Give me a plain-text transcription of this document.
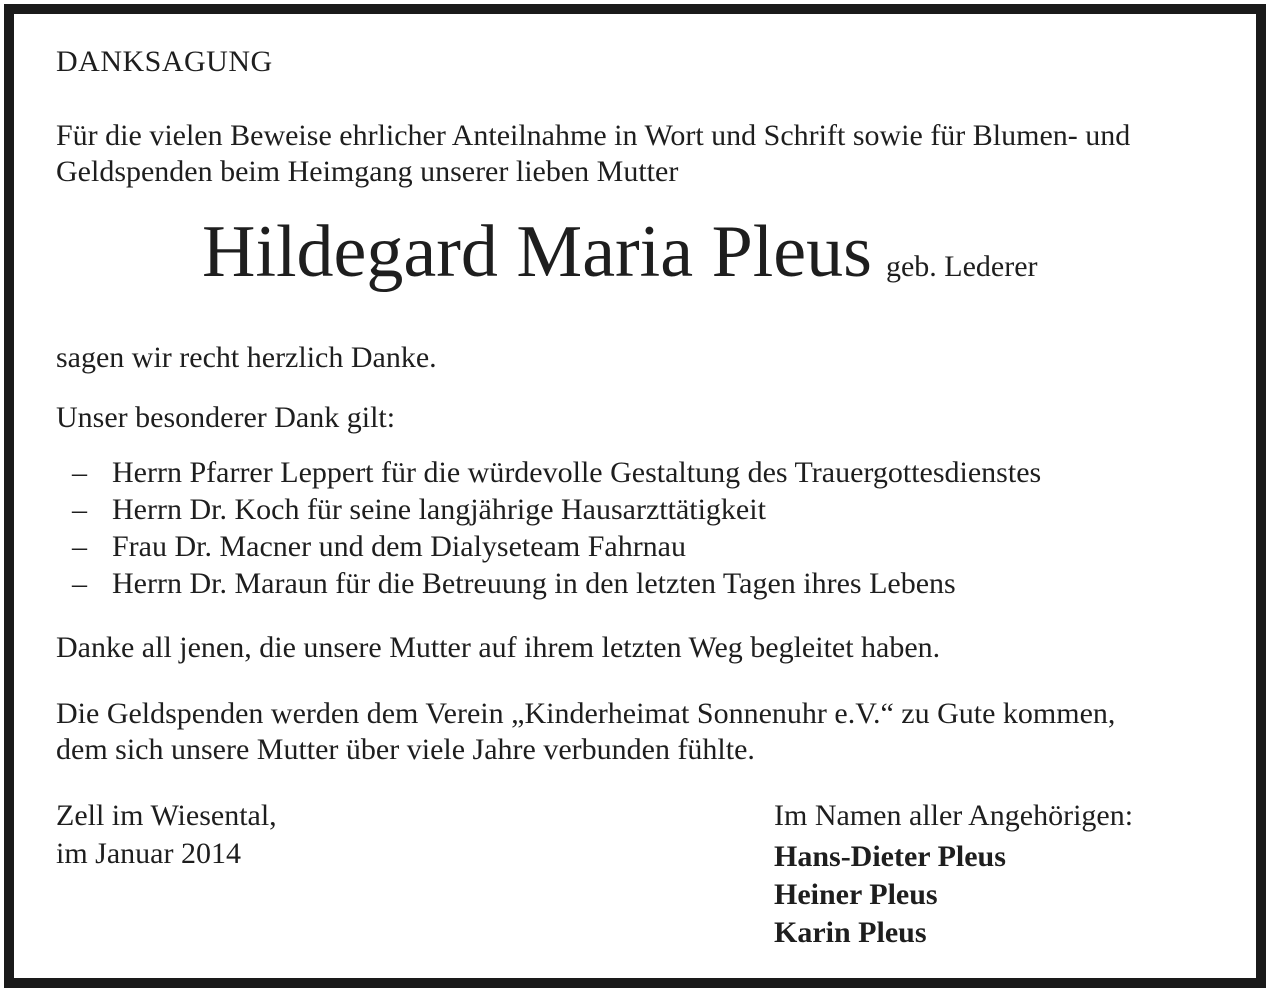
DANKSAGUNG

Für die vielen Beweise ehrlicher Anteilnahme in Wort und Schrift sowie für Blumen- und

Geldspenden beim Heimgang unserer lieben Mutter

Hildegard Maria Pleus geb. Lederer

sagen wir recht herzlich Danke.

Unser besonderer Dank gilt:

– Herrn Pfarrer Leppert für die würdevolle Gestaltung des Trauergottesdienstes
– Herrn Dr. Koch für seine langjährige Hausarzttätigkeit
– Frau Dr. Macner und dem Dialyseteam Fahrnau
– Herrn Dr. Maraun für die Betreuung in den letzten Tagen ihres Lebens

Danke all jenen, die unsere Mutter auf ihrem letzten Weg begleitet haben.

Die Geldspenden werden dem Verein „Kinderheimat Sonnenuhr e.V.“ zu Gute kommen,

dem sich unsere Mutter über viele Jahre verbunden fühlte.

Zell im Wiesental,

im Januar 2014

Im Namen aller Angehörigen:

Hans-Dieter Pleus
Heiner Pleus
Karin Pleus
